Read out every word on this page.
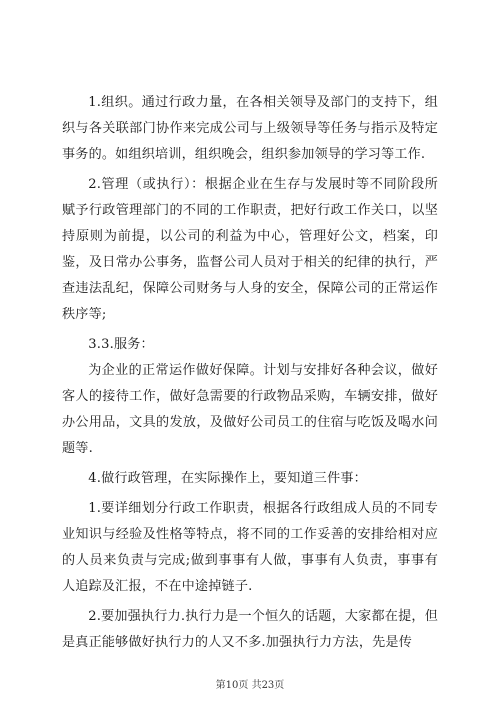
1.组织。通过行政力量，在各相关领导及部门的支持下，组织与各关联部门协作来完成公司与上级领导等任务与指示及特定事务的。如组织培训，组织晚会，组织参加领导的学习等工作.

2.管理（或执行）：根据企业在生存与发展时等不同阶段所赋予行政管理部门的不同的工作职责，把好行政工作关口，以坚持原则为前提，以公司的利益为中心，管理好公文，档案，印鉴，及日常办公事务，监督公司人员对于相关的纪律的执行，严查违法乱纪，保障公司财务与人身的安全，保障公司的正常运作秩序等;

3.3.服务：

为企业的正常运作做好保障。计划与安排好各种会议，做好客人的接待工作，做好急需要的行政物品采购，车辆安排，做好办公用品，文具的发放，及做好公司员工的住宿与吃饭及喝水问题等.

4.做行政管理，在实际操作上，要知道三件事：

1.要详细划分行政工作职责，根据各行政组成人员的不同专业知识与经验及性格等特点，将不同的工作妥善的安排给相对应的人员来负责与完成;做到事事有人做，事事有人负责，事事有人追踪及汇报，不在中途掉链子.

2.要加强执行力.执行力是一个恒久的话题，大家都在提，但是真正能够做好执行力的人又不多.加强执行力方法，先是传

第10页 共23页
